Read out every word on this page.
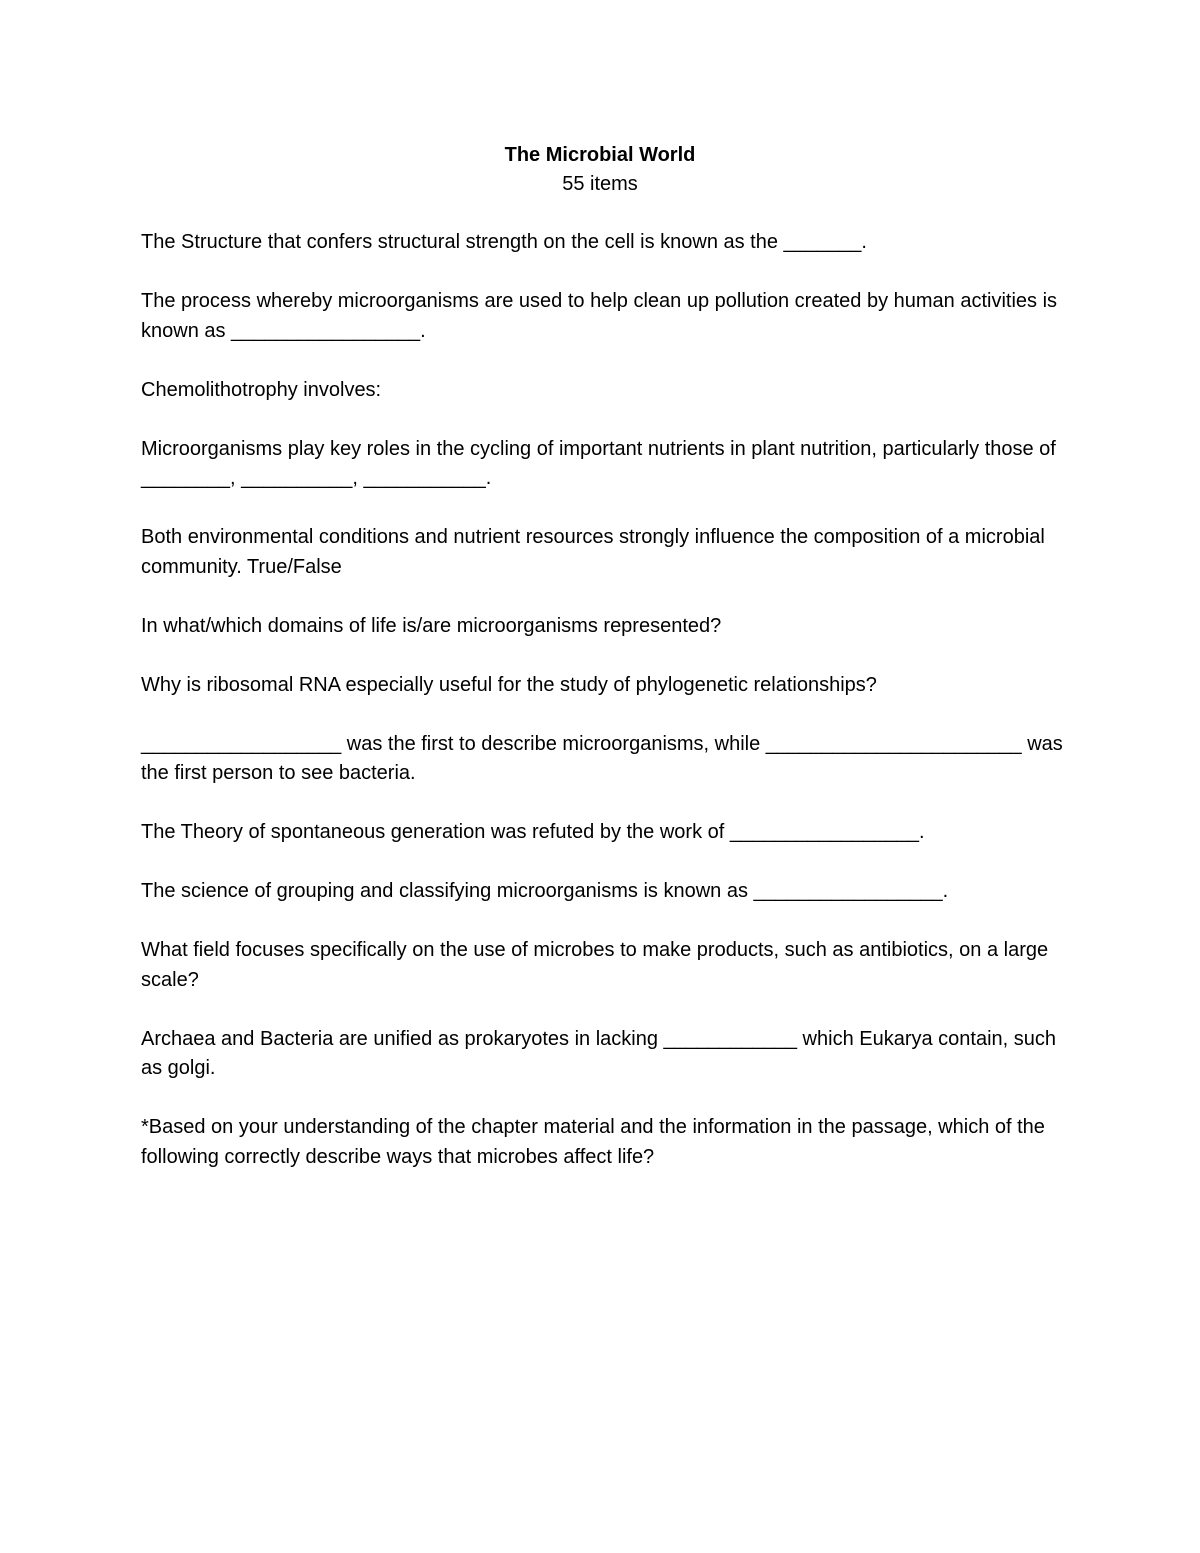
The Microbial World

55 items

The Structure that confers structural strength on the cell is known as the _______.

The process whereby microorganisms are used to help clean up pollution created by human activities is known as _________________.

Chemolithotrophy involves:

Microorganisms play key roles in the cycling of important nutrients in plant nutrition, particularly those of ________, __________, ___________.

Both environmental conditions and nutrient resources strongly influence the composition of a microbial community. True/False

In what/which domains of life is/are microorganisms represented?

Why is ribosomal RNA especially useful for the study of phylogenetic relationships?

__________________ was the first to describe microorganisms, while _______________________ was the first person to see bacteria.

The Theory of spontaneous generation was refuted by the work of _________________.

The science of grouping and classifying microorganisms is known as _________________.

What field focuses specifically on the use of microbes to make products, such as antibiotics, on a large scale?

Archaea and Bacteria are unified as prokaryotes in lacking ____________ which Eukarya contain, such as golgi.

*Based on your understanding of the chapter material and the information in the passage, which of the following correctly describe ways that microbes affect life?
